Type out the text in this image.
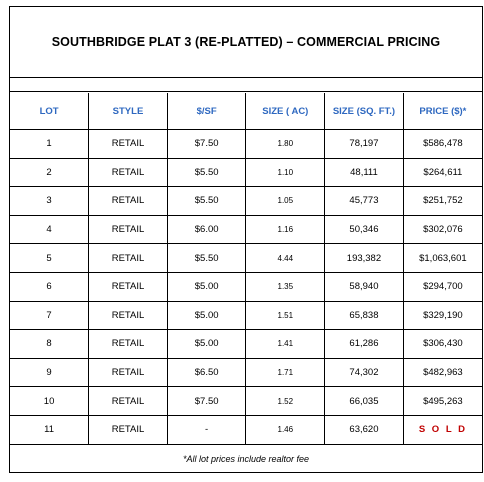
SOUTHBRIDGE PLAT 3 (RE-PLATTED) – COMMERCIAL PRICING
LOT	STYLE	$/SF	SIZE ( AC)	SIZE (SQ. FT.)	PRICE ($)*
1	RETAIL	$7.50	1.80	78,197	$586,478
2	RETAIL	$5.50	1.10	48,111	$264,611
3	RETAIL	$5.50	1.05	45,773	$251,752
4	RETAIL	$6.00	1.16	50,346	$302,076
5	RETAIL	$5.50	4.44	193,382	$1,063,601
6	RETAIL	$5.00	1.35	58,940	$294,700
7	RETAIL	$5.00	1.51	65,838	$329,190
8	RETAIL	$5.00	1.41	61,286	$306,430
9	RETAIL	$6.50	1.71	74,302	$482,963
10	RETAIL	$7.50	1.52	66,035	$495,263
11	RETAIL	-	1.46	63,620	S O L D
*All lot prices include realtor fee
